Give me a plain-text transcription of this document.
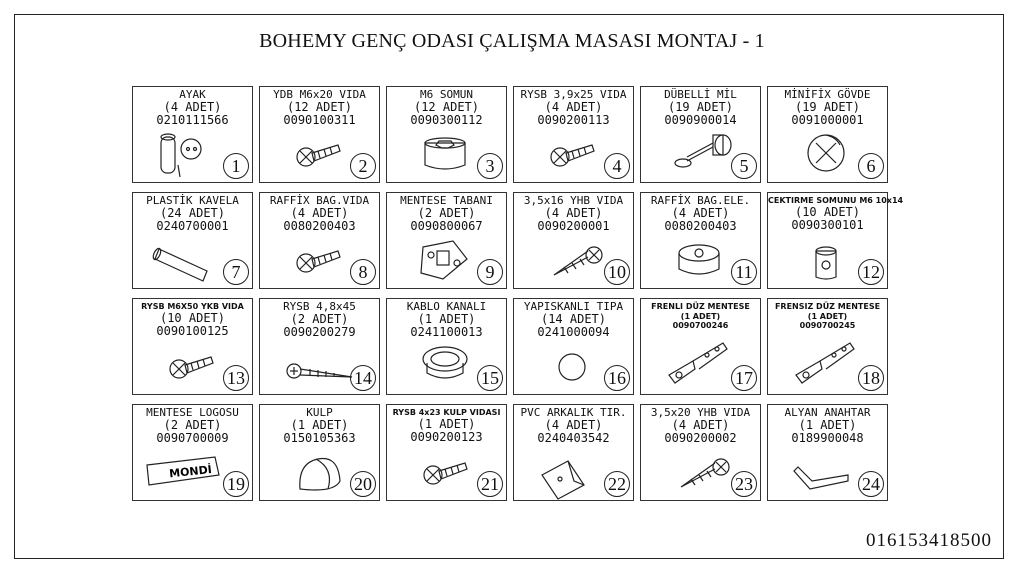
BOHEMY GENÇ ODASI ÇALIŞMA MASASI MONTAJ - 1
AYAK
(4 ADET)
0210111566
1
YDB M6x20 VIDA
(12 ADET)
0090100311
2
M6 SOMUN
(12 ADET)
0090300112
3
RYSB 3,9x25 VIDA
(4 ADET)
0090200113
4
DÜBELLİ MİL
(19 ADET)
0090900014
5
MİNİFİX GÖVDE
(19 ADET)
0091000001
6
PLASTİK KAVELA
(24 ADET)
0240700001
7
RAFFİX BAG.VIDA
(4 ADET)
0080200403
8
MENTESE TABANI
(2 ADET)
0090800067
9
3,5x16 YHB VIDA
(4 ADET)
0090200001
10
RAFFİX BAG.ELE.
(4 ADET)
0080200403
11
CEKTIRME SOMUNU M6 10x14
(10 ADET)
0090300101
12
RYSB M6X50 YKB VIDA
(10 ADET)
0090100125
13
RYSB 4,8x45
(2 ADET)
0090200279
14
KABLO KANALI
(1 ADET)
0241100013
15
YAPISKANLI TIPA
(14 ADET)
0241000094
16
FRENLI DÜZ MENTESE
(1 ADET)
0090700246
17
FRENSIZ DÜZ MENTESE
(1 ADET)
0090700245
18
MONDİ
MENTESE LOGOSU
(2 ADET)
0090700009
19
KULP
(1 ADET)
0150105363
20
RYSB 4x23 KULP VIDASI
(1 ADET)
0090200123
21
PVC ARKALIK TIR.
(4 ADET)
0240403542
22
3,5x20 YHB VIDA
(4 ADET)
0090200002
23
ALYAN ANAHTAR
(1 ADET)
0189900048
24
016153418500
